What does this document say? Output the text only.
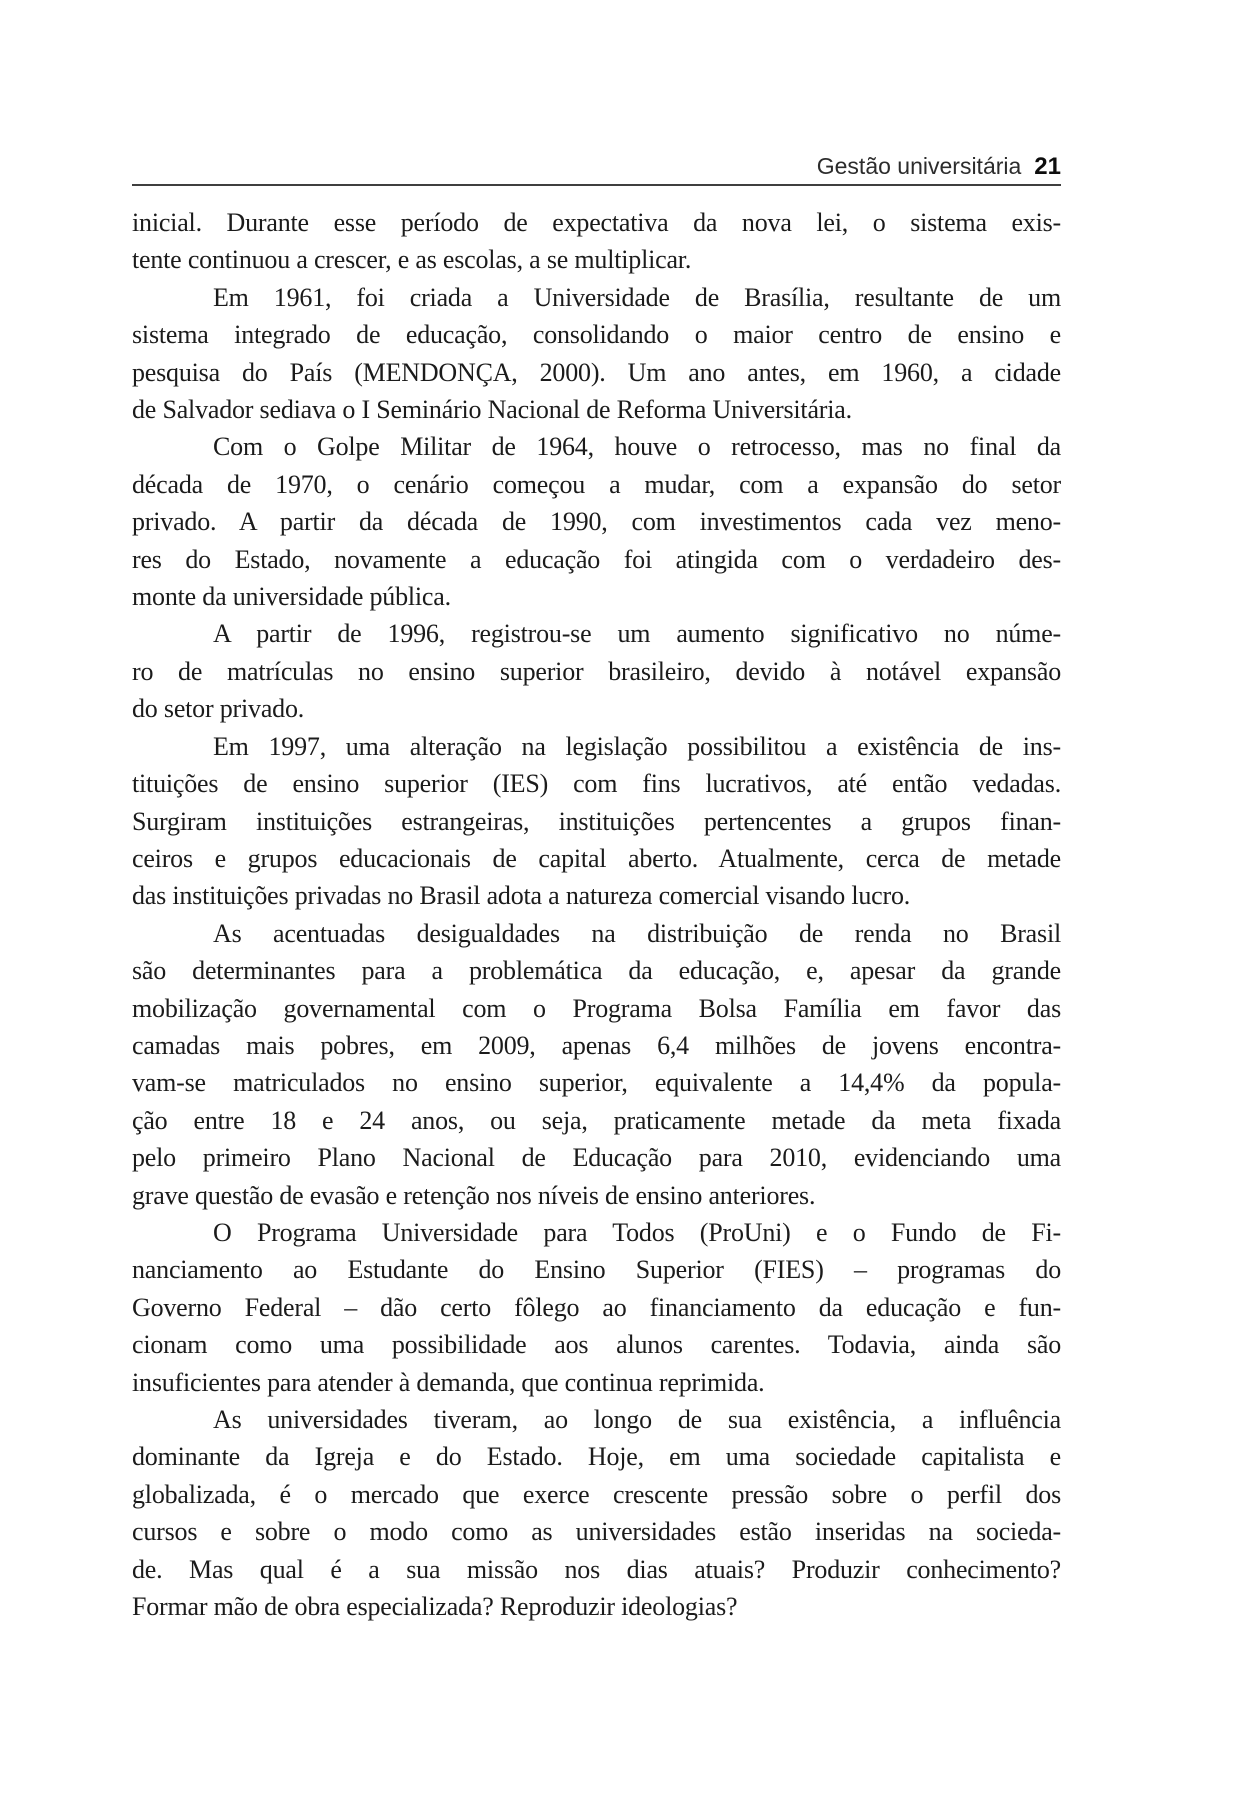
Gestão universitária 21
inicial. Durante esse período de expectativa da nova lei, o sistema exis-
tente continuou a crescer, e as escolas, a se multiplicar.
Em 1961, foi criada a Universidade de Brasília, resultante de um
sistema integrado de educação, consolidando o maior centro de ensino e
pesquisa do País (MENDONÇA, 2000). Um ano antes, em 1960, a cidade
de Salvador sediava o I Seminário Nacional de Reforma Universitária.
Com o Golpe Militar de 1964, houve o retrocesso, mas no final da
década de 1970, o cenário começou a mudar, com a expansão do setor
privado. A partir da década de 1990, com investimentos cada vez meno-
res do Estado, novamente a educação foi atingida com o verdadeiro des-
monte da universidade pública.
A partir de 1996, registrou-se um aumento significativo no núme-
ro de matrículas no ensino superior brasileiro, devido à notável expansão
do setor privado.
Em 1997, uma alteração na legislação possibilitou a existência de ins-
tituições de ensino superior (IES) com fins lucrativos, até então vedadas.
Surgiram instituições estrangeiras, instituições pertencentes a grupos finan-
ceiros e grupos educacionais de capital aberto. Atualmente, cerca de metade
das instituições privadas no Brasil adota a natureza comercial visando lucro.
As acentuadas desigualdades na distribuição de renda no Brasil
são determinantes para a problemática da educação, e, apesar da grande
mobilização governamental com o Programa Bolsa Família em favor das
camadas mais pobres, em 2009, apenas 6,4 milhões de jovens encontra-
vam-se matriculados no ensino superior, equivalente a 14,4% da popula-
ção entre 18 e 24 anos, ou seja, praticamente metade da meta fixada
pelo primeiro Plano Nacional de Educação para 2010, evidenciando uma
grave questão de evasão e retenção nos níveis de ensino anteriores.
O Programa Universidade para Todos (ProUni) e o Fundo de Fi-
nanciamento ao Estudante do Ensino Superior (FIES) – programas do
Governo Federal – dão certo fôlego ao financiamento da educação e fun-
cionam como uma possibilidade aos alunos carentes. Todavia, ainda são
insuficientes para atender à demanda, que continua reprimida.
As universidades tiveram, ao longo de sua existência, a influência
dominante da Igreja e do Estado. Hoje, em uma sociedade capitalista e
globalizada, é o mercado que exerce crescente pressão sobre o perfil dos
cursos e sobre o modo como as universidades estão inseridas na socieda-
de. Mas qual é a sua missão nos dias atuais? Produzir conhecimento?
Formar mão de obra especializada? Reproduzir ideologias?
